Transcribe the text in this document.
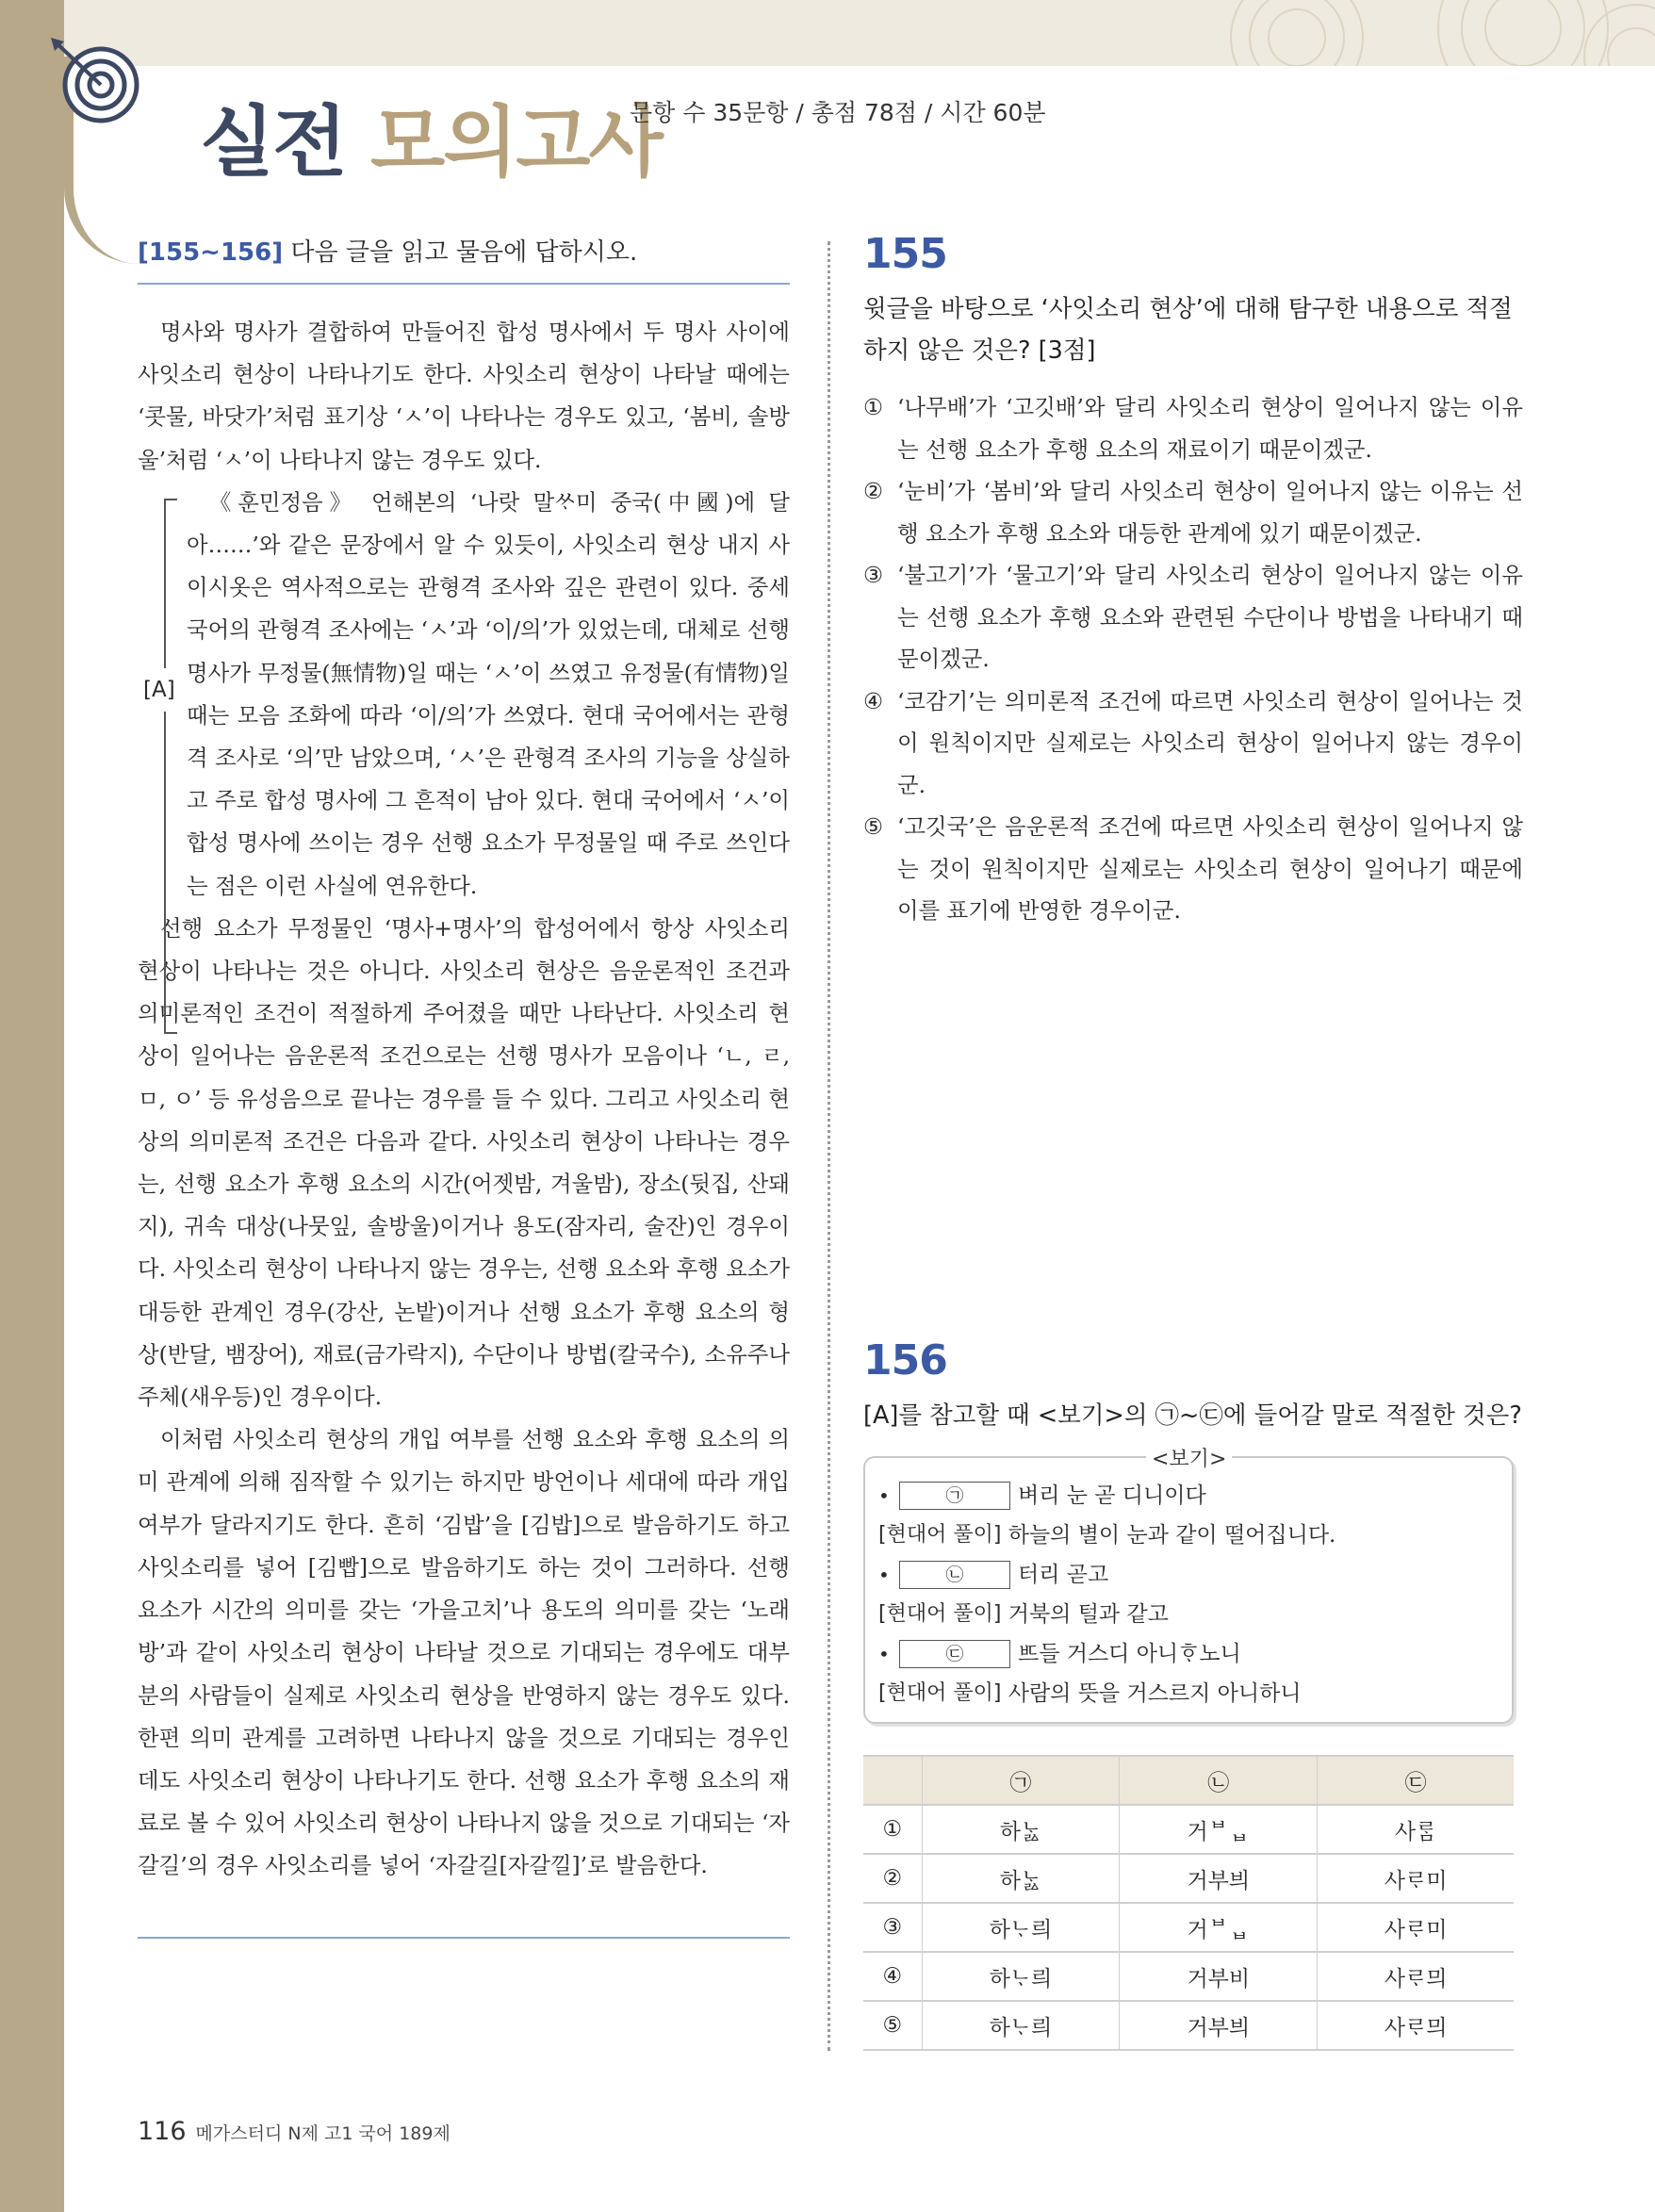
실전 모의고사
문항 수 35문항 / 총점 78점 / 시간 60분
[155~156] 다음 글을 읽고 물음에 답하시오.

명사와 명사가 결합하여 만들어진 합성 명사에서 두 명사 사이에 사잇소리 현상이 나타나기도 한다. 사잇소리 현상이 나타날 때에는 ‘콧물, 바닷가’처럼 표기상 ‘ㅅ’이 나타나는 경우도 있고, ‘봄비, 솔방울’처럼 ‘ㅅ’이 나타나지 않는 경우도 있다.

[A]

《훈민정음》 언해본의 ‘나랏 말ᄊᆞ미 중국(中國)에 달아……’와 같은 문장에서 알 수 있듯이, 사잇소리 현상 내지 사이시옷은 역사적으로는 관형격 조사와 깊은 관련이 있다. 중세 국어의 관형격 조사에는 ‘ㅅ’과 ‘이/의’가 있었는데, 대체로 선행 명사가 무정물(無情物)일 때는 ‘ㅅ’이 쓰였고 유정물(有情物)일 때는 모음 조화에 따라 ‘이/의’가 쓰였다. 현대 국어에서는 관형격 조사로 ‘의’만 남았으며, ‘ㅅ’은 관형격 조사의 기능을 상실하고 주로 합성 명사에 그 흔적이 남아 있다. 현대 국어에서 ‘ㅅ’이 합성 명사에 쓰이는 경우 선행 요소가 무정물일 때 주로 쓰인다는 점은 이런 사실에 연유한다.

선행 요소가 무정물인 ‘명사+명사’의 합성어에서 항상 사잇소리 현상이 나타나는 것은 아니다. 사잇소리 현상은 음운론적인 조건과 의미론적인 조건이 적절하게 주어졌을 때만 나타난다. 사잇소리 현상이 일어나는 음운론적 조건으로는 선행 명사가 모음이나 ‘ㄴ, ㄹ, ㅁ, ㅇ’ 등 유성음으로 끝나는 경우를 들 수 있다. 그리고 사잇소리 현상의 의미론적 조건은 다음과 같다. 사잇소리 현상이 나타나는 경우는, 선행 요소가 후행 요소의 시간(어젯밤, 겨울밤), 장소(뒷집, 산돼지), 귀속 대상(나뭇잎, 솔방울)이거나 용도(잠자리, 술잔)인 경우이다. 사잇소리 현상이 나타나지 않는 경우는, 선행 요소와 후행 요소가 대등한 관계인 경우(강산, 논밭)이거나 선행 요소가 후행 요소의 형상(반달, 뱀장어), 재료(금가락지), 수단이나 방법(칼국수), 소유주나 주체(새우등)인 경우이다.

이처럼 사잇소리 현상의 개입 여부를 선행 요소와 후행 요소의 의미 관계에 의해 짐작할 수 있기는 하지만 방언이나 세대에 따라 개입 여부가 달라지기도 한다. 흔히 ‘김밥’을 [김밥]으로 발음하기도 하고 사잇소리를 넣어 [김빱]으로 발음하기도 하는 것이 그러하다. 선행 요소가 시간의 의미를 갖는 ‘가을고치’나 용도의 의미를 갖는 ‘노래방’과 같이 사잇소리 현상이 나타날 것으로 기대되는 경우에도 대부분의 사람들이 실제로 사잇소리 현상을 반영하지 않는 경우도 있다. 한편 의미 관계를 고려하면 나타나지 않을 것으로 기대되는 경우인데도 사잇소리 현상이 나타나기도 한다. 선행 요소가 후행 요소의 재료로 볼 수 있어 사잇소리 현상이 나타나지 않을 것으로 기대되는 ‘자갈길’의 경우 사잇소리를 넣어 ‘자갈길[자갈낄]’로 발음한다.

155
윗글을 바탕으로 ‘사잇소리 현상’에 대해 탐구한 내용으로 적절하지 않은 것은? [3점]
① ‘나무배’가 ‘고깃배’와 달리 사잇소리 현상이 일어나지 않는 이유는 선행 요소가 후행 요소의 재료이기 때문이겠군.
② ‘눈비’가 ‘봄비’와 달리 사잇소리 현상이 일어나지 않는 이유는 선행 요소가 후행 요소와 대등한 관계에 있기 때문이겠군.
③ ‘불고기’가 ‘물고기’와 달리 사잇소리 현상이 일어나지 않는 이유는 선행 요소가 후행 요소와 관련된 수단이나 방법을 나타내기 때문이겠군.
④ ‘코감기’는 의미론적 조건에 따르면 사잇소리 현상이 일어나는 것이 원칙이지만 실제로는 사잇소리 현상이 일어나지 않는 경우이군.
⑤ ‘고깃국’은 음운론적 조건에 따르면 사잇소리 현상이 일어나지 않는 것이 원칙이지만 실제로는 사잇소리 현상이 일어나기 때문에 이를 표기에 반영한 경우이군.
156
[A]를 참고할 때 <보기>의 ㉠~㉢에 들어갈 말로 적절한 것은?
<보기>
•	㉠	벼리 눈 곧 디니이다
[현대어 풀이]
하늘의 별이 눈과 같이 떨어집니다.
•	㉡	터리 곧고
[현대어 풀이]
거북의 털과 같고
•	㉢	ᄠᅳ들 거스디 아니ᄒᆞ노니
[현대어 풀이]
사람의 뜻을 거스르지 아니하니
	㉠	㉡	㉢
①	하ᄂᆞᇗ	거ᄇᆸ	사ᄅᆞᆷ
②	하ᄂᆞᇗ	거부븨	사ᄅᆞ미
③	하ᄂᆞ릐	거ᄇᆸ	사ᄅᆞ미
④	하ᄂᆞ릐	거부비	사ᄅᆞ믜
⑤	하ᄂᆞ릐	거부븨	사ᄅᆞ믜
116 메가스터디 N제 고1 국어 189제
